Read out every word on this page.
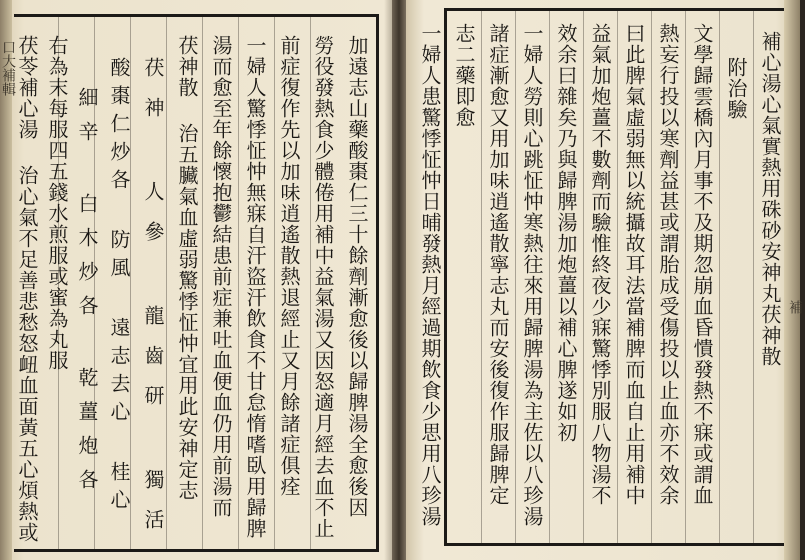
口大補輯	加遠志山藥酸棗仁三十餘劑漸愈後以歸脾湯全愈後因
勞役發熱食少體倦用補中益氣湯又因怒適月經去血不止
前症復作先以加味逍遙散熱退經止又月餘諸症俱痊
一婦人驚悸怔忡無寐自汗盜汗飲食不甘怠惰嗜臥用歸脾
湯而愈至年餘懷抱鬱結患前症兼吐血便血仍用前湯而
茯神散 治五臟氣血虛弱驚悸怔忡宜用此安神定志
茯神 人參 龍齒研 獨活
酸棗仁炒各 防風 遠志去心 桂心
細辛 白木炒各 乾薑炮各
右為末每服四五錢水煎服或蜜為丸服
茯苓補心湯 治心氣不足善悲愁怒衄血面黃五心煩熱或	補心湯心氣實熱用硃砂安神丸茯神散
附治驗
文學歸雲橋內月事不及期忽崩血昏憒發熱不寐或謂血
熱妄行投以寒劑益甚或謂胎成受傷投以止血亦不效余
曰此脾氣虛弱無以統攝故耳法當補脾而血自止用補中
益氣加炮薑不數劑而驗惟終夜少寐驚悸別服八物湯不
效余曰雜矣乃與歸脾湯加炮薑以補心脾遂如初
一婦人勞則心跳怔忡寒熱往來用歸脾湯為主佐以八珍湯
諸症漸愈又用加味逍遙散寧志丸而安後復作服歸脾定
志二藥即愈
一婦人患驚悸怔忡日晡發熱月經過期飲食少思用八珍湯	補
